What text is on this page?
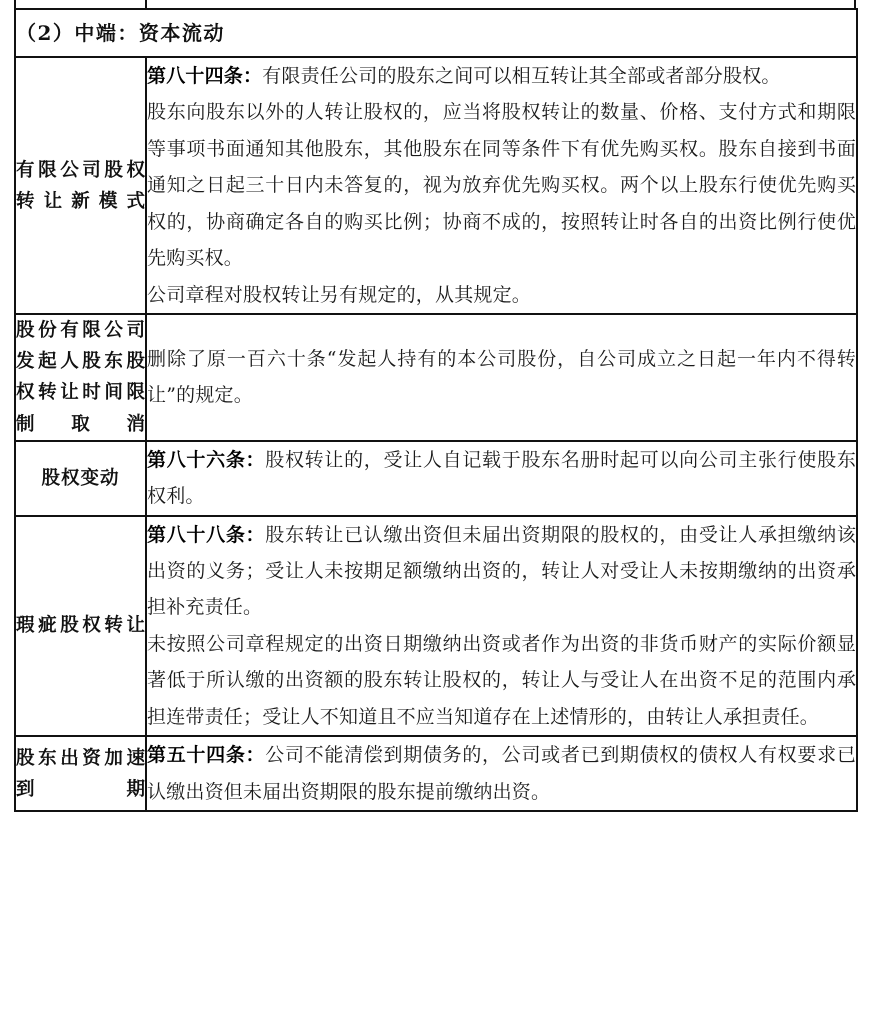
（2）中端：资本流动	

有限公司股权转让新模式	第八十四条：有限责任公司的股东之间可以相互转让其全部或者部分股权。

股东向股东以外的人转让股权的，应当将股权转让的数量、价格、支付方式和期限等事项书面通知其他股东，其他股东在同等条件下有优先购买权。股东自接到书面通知之日起三十日内未答复的，视为放弃优先购买权。两个以上股东行使优先购买权的，协商确定各自的购买比例；协商不成的，按照转让时各自的出资比例行使优先购买权。

公司章程对股权转让另有规定的，从其规定。

股份有限公司发起人股东股权转让时间限制取消	删除了原一百六十条“发起人持有的本公司股份，自公司成立之日起一年内不得转让”的规定。

股权变动	第八十六条：股权转让的，受让人自记载于股东名册时起可以向公司主张行使股东权利。

瑕疵股权转让	第八十八条：股东转让已认缴出资但未届出资期限的股权的，由受让人承担缴纳该出资的义务；受让人未按期足额缴纳出资的，转让人对受让人未按期缴纳的出资承担补充责任。

未按照公司章程规定的出资日期缴纳出资或者作为出资的非货币财产的实际价额显著低于所认缴的出资额的股东转让股权的，转让人与受让人在出资不足的范围内承担连带责任；受让人不知道且不应当知道存在上述情形的，由转让人承担责任。

股东出资加速到期	第五十四条：公司不能清偿到期债务的，公司或者已到期债权的债权人有权要求已认缴出资但未届出资期限的股东提前缴纳出资。
